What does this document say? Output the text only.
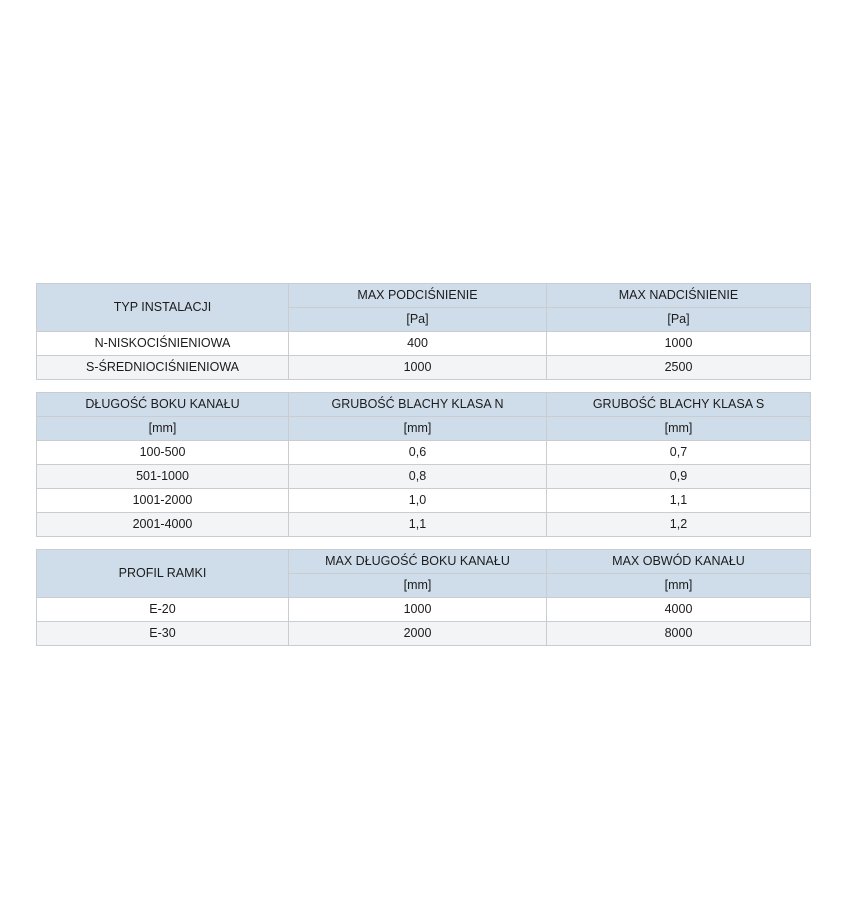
TYP INSTALACJI	MAX PODCIŚNIENIE	MAX NADCIŚNIENIE
	[Pa]	[Pa]
N-NISKOCIŚNIENIOWA	400	1000
S-ŚREDNIOCIŚNIENIOWA	1000	2500
DŁUGOŚĆ BOKU KANAŁU	GRUBOŚĆ BLACHY KLASA N	GRUBOŚĆ BLACHY KLASA S
[mm]	[mm]	[mm]
100-500	0,6	0,7
501-1000	0,8	0,9
1001-2000	1,0	1,1
2001-4000	1,1	1,2
PROFIL RAMKI	MAX DŁUGOŚĆ BOKU KANAŁU	MAX OBWÓD KANAŁU
	[mm]	[mm]
E-20	1000	4000
E-30	2000	8000
